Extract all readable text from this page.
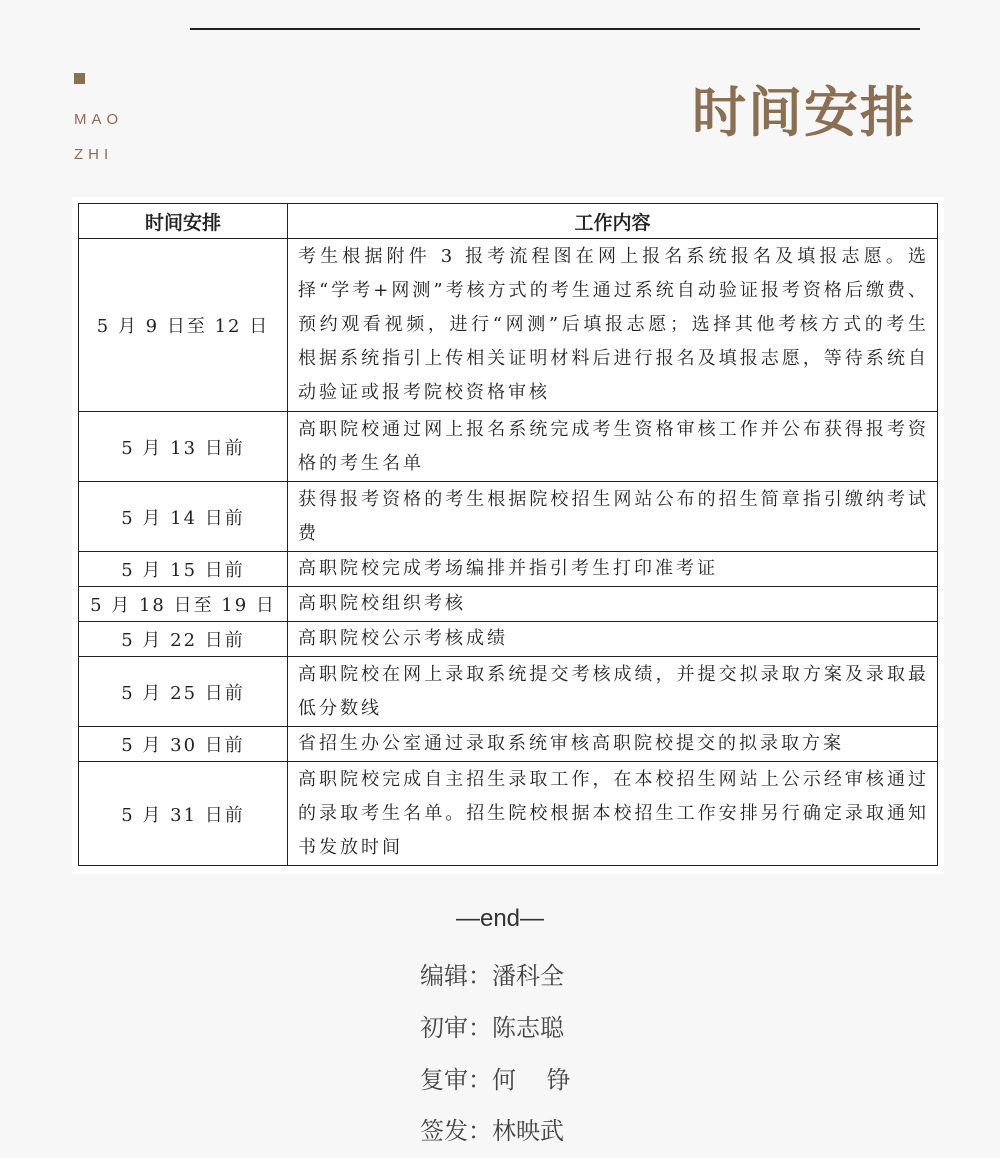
MAO
ZHI
时间安排
时间安排	工作内容
5 月 9 日至 12 日	考生根据附件 3 报考流程图在网上报名系统报名及填报志愿。选择“学考+网测”考核方式的考生通过系统自动验证报考资格后缴费、预约观看视频，进行“网测”后填报志愿；选择其他考核方式的考生根据系统指引上传相关证明材料后进行报名及填报志愿，等待系统自动验证或报考院校资格审核
5 月 13 日前	高职院校通过网上报名系统完成考生资格审核工作并公布获得报考资格的考生名单
5 月 14 日前	获得报考资格的考生根据院校招生网站公布的招生简章指引缴纳考试费
5 月 15 日前	高职院校完成考场编排并指引考生打印准考证
5 月 18 日至 19 日	高职院校组织考核
5 月 22 日前	高职院校公示考核成绩
5 月 25 日前	高职院校在网上录取系统提交考核成绩，并提交拟录取方案及录取最低分数线
5 月 30 日前	省招生办公室通过录取系统审核高职院校提交的拟录取方案
5 月 31 日前	高职院校完成自主招生录取工作，在本校招生网站上公示经审核通过的录取考生名单。招生院校根据本校招生工作安排另行确定录取通知书发放时间
—end—
编辑：潘科全
初审：陈志聪
复审：何    铮
签发：林映武
